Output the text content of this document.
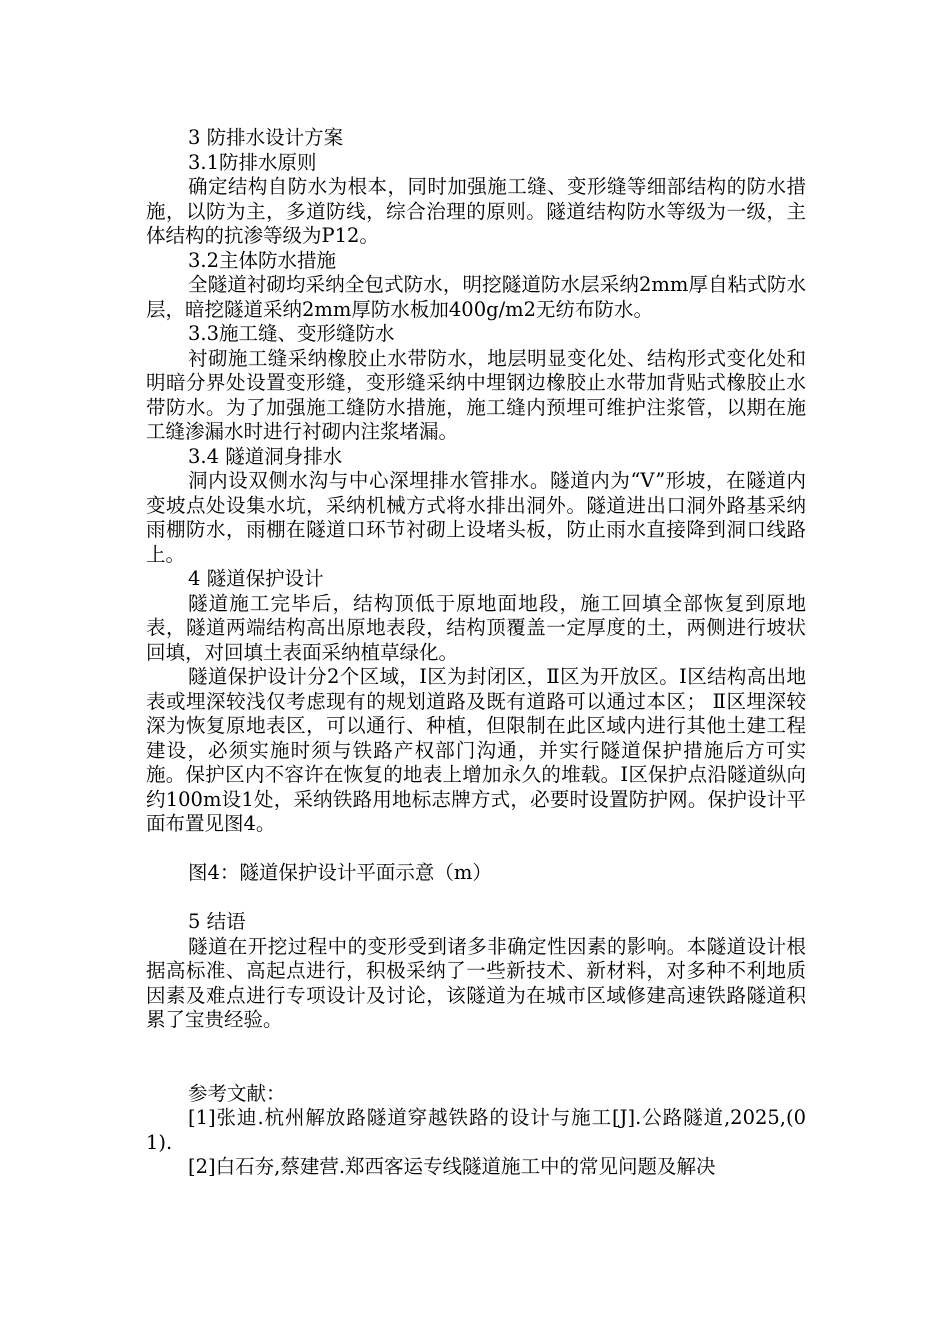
3 防排水设计方案

3.1防排水原则

确定结构自防水为根本，同时加强施工缝、变形缝等细部结构的防水措施，以防为主，多道防线，综合治理的原则。隧道结构防水等级为一级，主体结构的抗渗等级为P12。

3.2主体防水措施

全隧道衬砌均采纳全包式防水，明挖隧道防水层采纳2mm厚自粘式防水层，暗挖隧道采纳2mm厚防水板加400g/m2无纺布防水。

3.3施工缝、变形缝防水

衬砌施工缝采纳橡胶止水带防水，地层明显变化处、结构形式变化处和明暗分界处设置变形缝，变形缝采纳中埋钢边橡胶止水带加背贴式橡胶止水带防水。为了加强施工缝防水措施，施工缝内预埋可维护注浆管，以期在施工缝渗漏水时进行衬砌内注浆堵漏。

3.4 隧道洞身排水

洞内设双侧水沟与中心深埋排水管排水。隧道内为“V”形坡，在隧道内变坡点处设集水坑，采纳机械方式将水排出洞外。隧道进出口洞外路基采纳雨棚防水，雨棚在隧道口环节衬砌上设堵头板，防止雨水直接降到洞口线路上。

4 隧道保护设计

隧道施工完毕后，结构顶低于原地面地段，施工回填全部恢复到原地表，隧道两端结构高出原地表段，结构顶覆盖一定厚度的土，两侧进行坡状回填，对回填土表面采纳植草绿化。

隧道保护设计分2个区域，Ⅰ区为封闭区，Ⅱ区为开放区。Ⅰ区结构高出地表或埋深较浅仅考虑现有的规划道路及既有道路可以通过本区； Ⅱ区埋深较深为恢复原地表区，可以通行、种植，但限制在此区域内进行其他土建工程建设，必须实施时须与铁路产权部门沟通，并实行隧道保护措施后方可实施。保护区内不容许在恢复的地表上增加永久的堆载。Ⅰ区保护点沿隧道纵向约100m设1处，采纳铁路用地标志牌方式，必要时设置防护网。保护设计平面布置见图4。

图4：隧道保护设计平面示意（m）

5 结语

隧道在开挖过程中的变形受到诸多非确定性因素的影响。本隧道设计根据高标准、高起点进行，积极采纳了一些新技术、新材料，对多种不利地质因素及难点进行专项设计及讨论，该隧道为在城市区域修建高速铁路隧道积累了宝贵经验。

参考文献：

[1]张迪.杭州解放路隧道穿越铁路的设计与施工[J].公路隧道,2025,(01).

[2]白石夯,蔡建营.郑西客运专线隧道施工中的常见问题及解决
